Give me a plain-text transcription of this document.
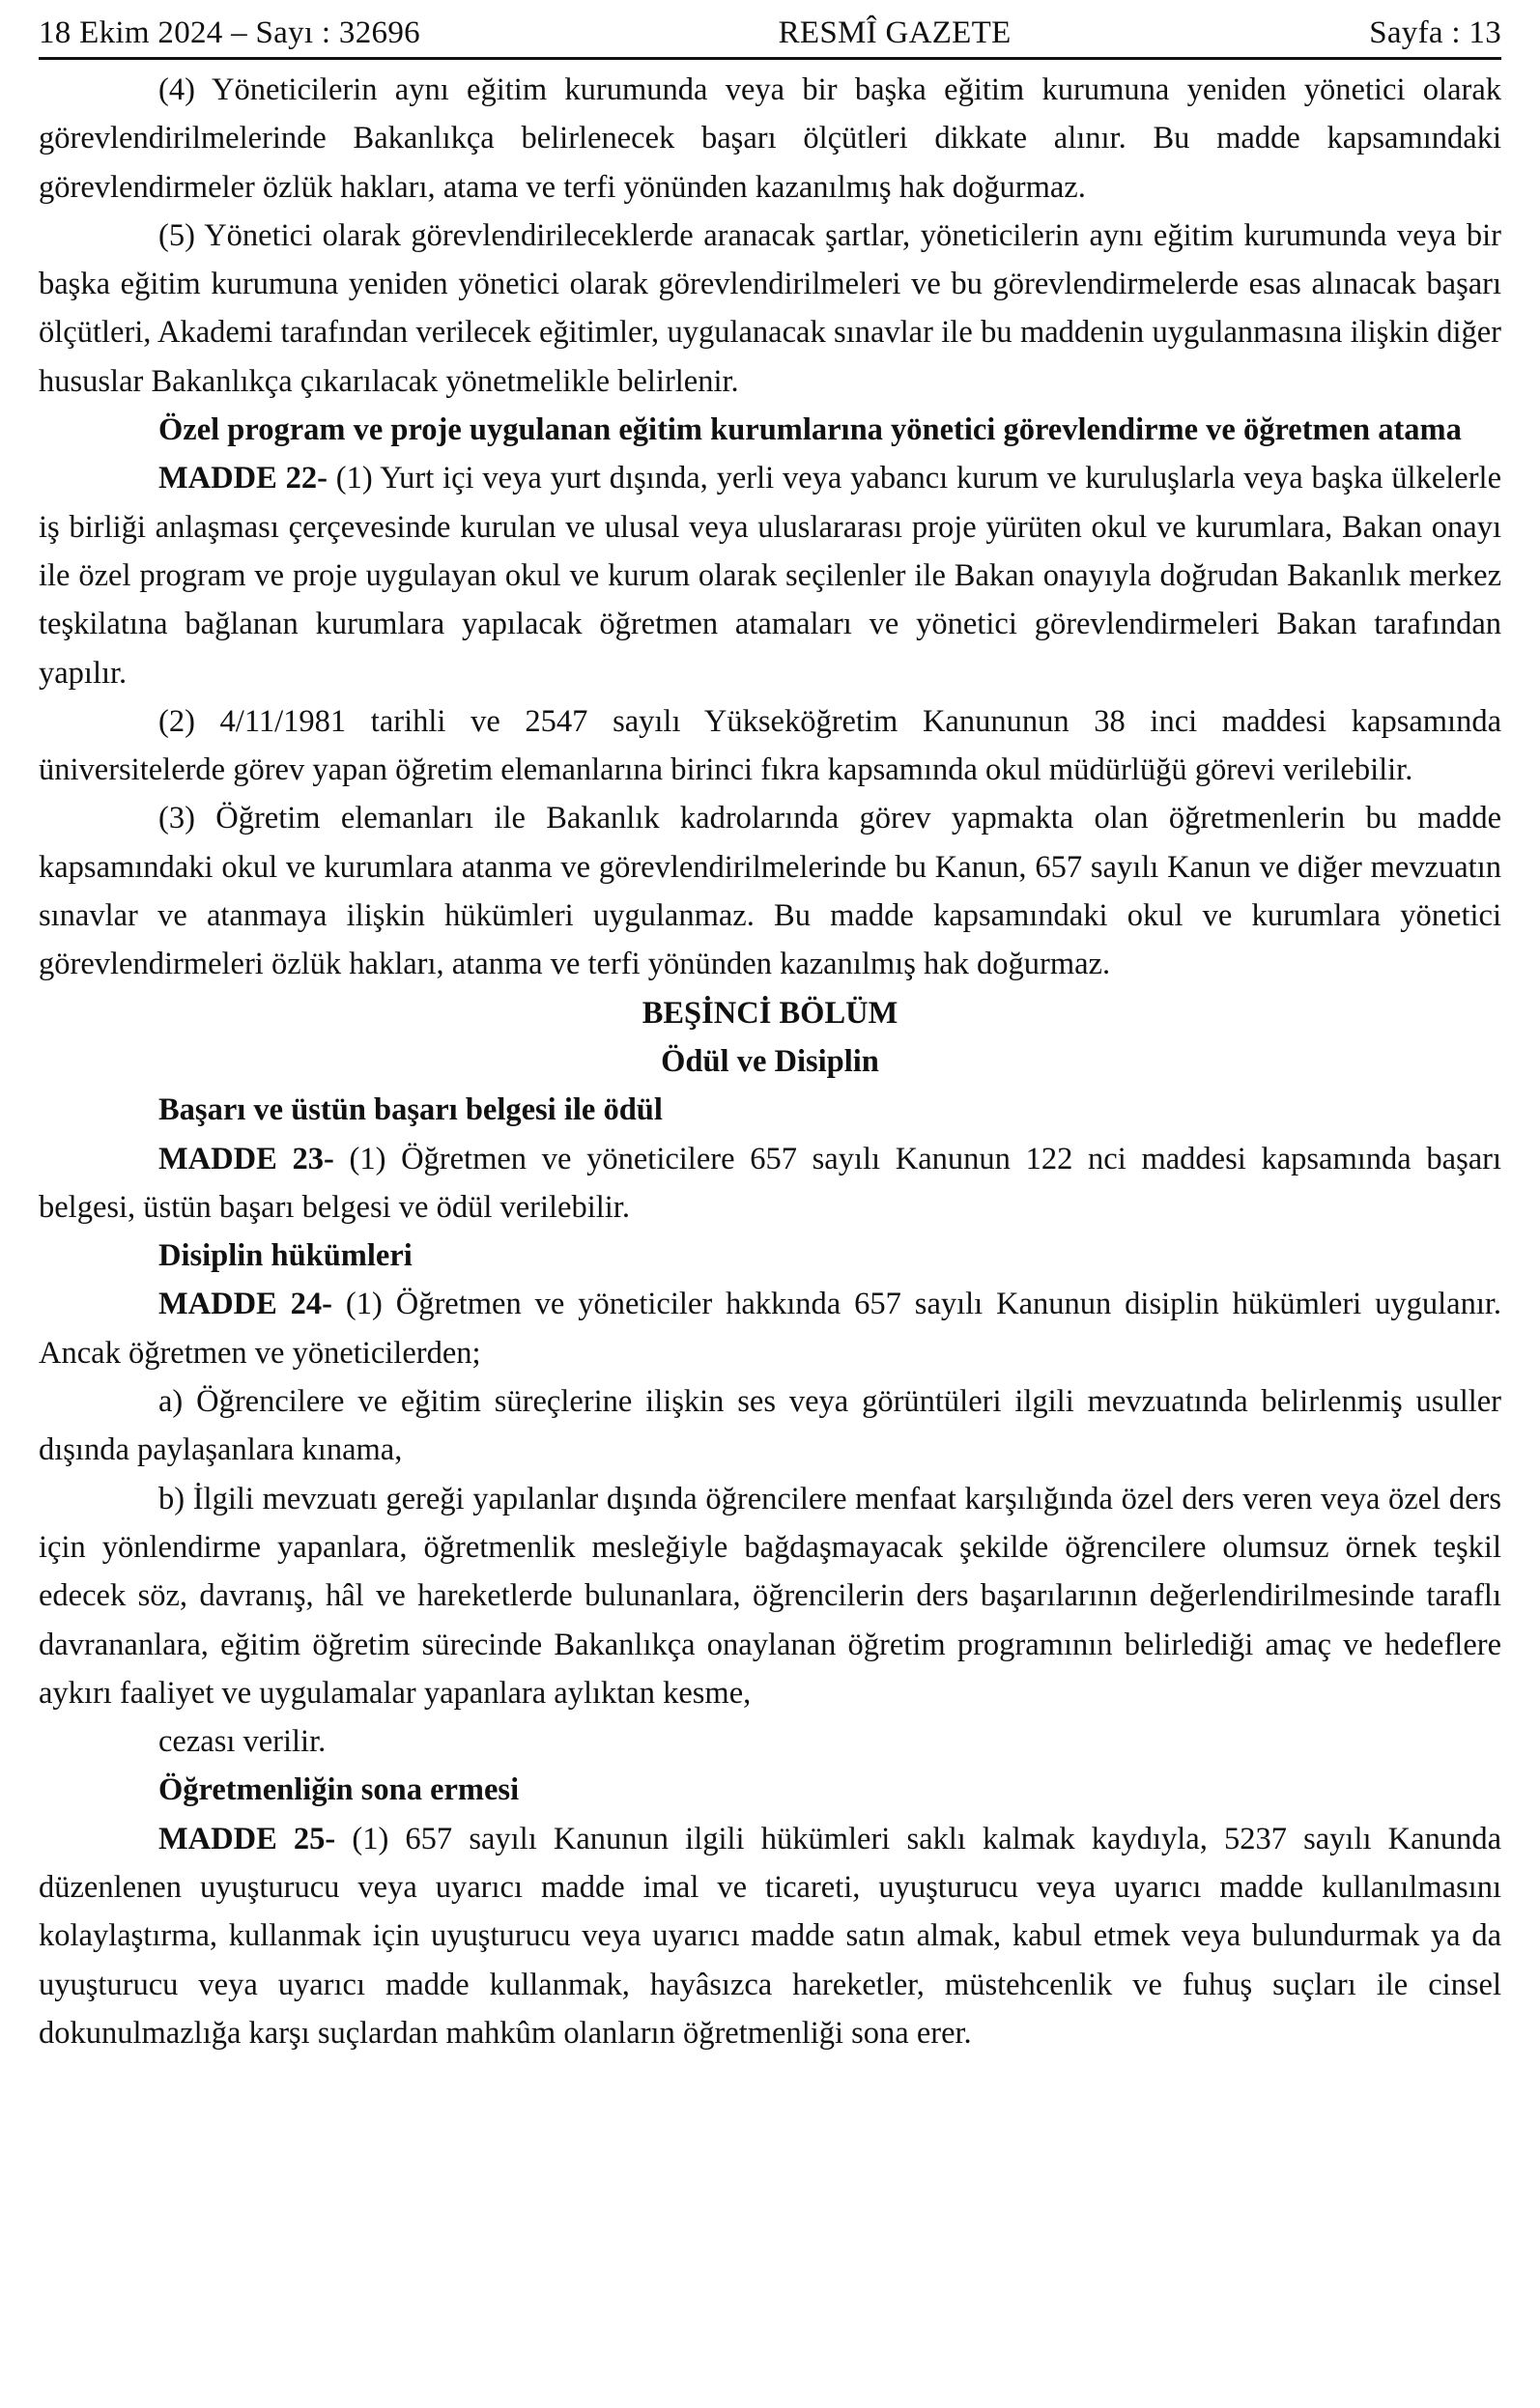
18 Ekim 2024 – Sayı : 32696	RESMÎ GAZETE	Sayfa : 13

(4) Yöneticilerin aynı eğitim kurumunda veya bir başka eğitim kurumuna yeniden yönetici olarak görevlendirilmelerinde Bakanlıkça belirlenecek başarı ölçütleri dikkate alınır. Bu madde kapsamındaki görevlendirmeler özlük hakları, atama ve terfi yönünden kazanılmış hak doğurmaz.

(5) Yönetici olarak görevlendirileceklerde aranacak şartlar, yöneticilerin aynı eğitim kurumunda veya bir başka eğitim kurumuna yeniden yönetici olarak görevlendirilmeleri ve bu görevlendirmelerde esas alınacak başarı ölçütleri, Akademi tarafından verilecek eğitimler, uygulanacak sınavlar ile bu maddenin uygulanmasına ilişkin diğer hususlar Bakanlıkça çıkarılacak yönetmelikle belirlenir.

Özel program ve proje uygulanan eğitim kurumlarına yönetici görevlendirme ve öğretmen atama

MADDE 22- (1) Yurt içi veya yurt dışında, yerli veya yabancı kurum ve kuruluşlarla veya başka ülkelerle iş birliği anlaşması çerçevesinde kurulan ve ulusal veya uluslararası proje yürüten okul ve kurumlara, Bakan onayı ile özel program ve proje uygulayan okul ve kurum olarak seçilenler ile Bakan onayıyla doğrudan Bakanlık merkez teşkilatına bağlanan kurumlara yapılacak öğretmen atamaları ve yönetici görevlendirmeleri Bakan tarafından yapılır.

(2) 4/11/1981 tarihli ve 2547 sayılı Yükseköğretim Kanununun 38 inci maddesi kapsamında üniversitelerde görev yapan öğretim elemanlarına birinci fıkra kapsamında okul müdürlüğü görevi verilebilir.

(3) Öğretim elemanları ile Bakanlık kadrolarında görev yapmakta olan öğretmenlerin bu madde kapsamındaki okul ve kurumlara atanma ve görevlendirilmelerinde bu Kanun, 657 sayılı Kanun ve diğer mevzuatın sınavlar ve atanmaya ilişkin hükümleri uygulanmaz. Bu madde kapsamındaki okul ve kurumlara yönetici görevlendirmeleri özlük hakları, atanma ve terfi yönünden kazanılmış hak doğurmaz.

BEŞİNCİ BÖLÜM

Ödül ve Disiplin

Başarı ve üstün başarı belgesi ile ödül

MADDE 23- (1) Öğretmen ve yöneticilere 657 sayılı Kanunun 122 nci maddesi kapsamında başarı belgesi, üstün başarı belgesi ve ödül verilebilir.

Disiplin hükümleri

MADDE 24- (1) Öğretmen ve yöneticiler hakkında 657 sayılı Kanunun disiplin hükümleri uygulanır. Ancak öğretmen ve yöneticilerden;

a) Öğrencilere ve eğitim süreçlerine ilişkin ses veya görüntüleri ilgili mevzuatında belirlenmiş usuller dışında paylaşanlara kınama,

b) İlgili mevzuatı gereği yapılanlar dışında öğrencilere menfaat karşılığında özel ders veren veya özel ders için yönlendirme yapanlara, öğretmenlik mesleğiyle bağdaşmayacak şekilde öğrencilere olumsuz örnek teşkil edecek söz, davranış, hâl ve hareketlerde bulunanlara, öğrencilerin ders başarılarının değerlendirilmesinde taraflı davrananlara, eğitim öğretim sürecinde Bakanlıkça onaylanan öğretim programının belirlediği amaç ve hedeflere aykırı faaliyet ve uygulamalar yapanlara aylıktan kesme,

cezası verilir.

Öğretmenliğin sona ermesi

MADDE 25- (1) 657 sayılı Kanunun ilgili hükümleri saklı kalmak kaydıyla, 5237 sayılı Kanunda düzenlenen uyuşturucu veya uyarıcı madde imal ve ticareti, uyuşturucu veya uyarıcı madde kullanılmasını kolaylaştırma, kullanmak için uyuşturucu veya uyarıcı madde satın almak, kabul etmek veya bulundurmak ya da uyuşturucu veya uyarıcı madde kullanmak, hayâsızca hareketler, müstehcenlik ve fuhuş suçları ile cinsel dokunulmazlığa karşı suçlardan mahkûm olanların öğretmenliği sona erer.
